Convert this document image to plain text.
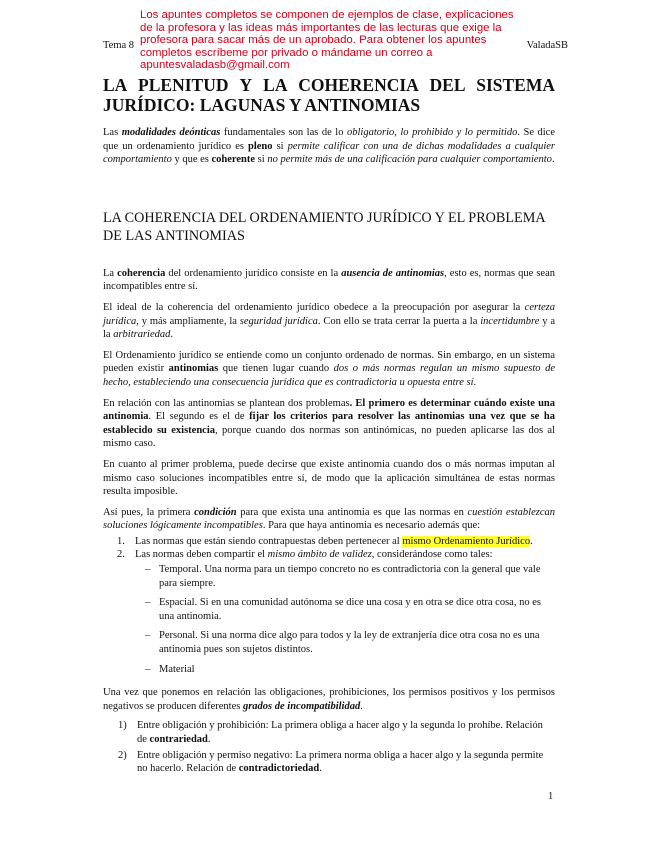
Los apuntes completos se componen de ejemplos de clase, explicaciones
de la profesora y las ideas más importantes de las lecturas que exige la
profesora para sacar más de un aprobado. Para obtener los apuntes
completos escríbeme por privado o mándame un correo a
apuntesvaladasb@gmail.com
Tema 8	ValadaSB
LA PLENITUD Y LA COHERENCIA DEL SISTEMA
JURÍDICO: LAGUNAS Y ANTINOMIAS

Las modalidades deónticas fundamentales son las de lo obligatorio, lo prohibido y lo permitido. Se dice que un ordenamiento jurídico es pleno si permite calificar con una de dichas modalidades a cualquier comportamiento y que es coherente si no permite más de una calificación para cualquier comportamiento.

LA COHERENCIA DEL ORDENAMIENTO JURÍDICO Y EL PROBLEMA DE LAS ANTINOMIAS

La coherencia del ordenamiento jurídico consiste en la ausencia de antinomias, esto es, normas que sean incompatibles entre sí.

El ideal de la coherencia del ordenamiento jurídico obedece a la preocupación por asegurar la certeza jurídica, y más ampliamente, la seguridad jurídica. Con ello se trata cerrar la puerta a la incertidumbre y a la arbitrariedad.

El Ordenamiento jurídico se entiende como un conjunto ordenado de normas. Sin embargo, en un sistema pueden existir antinomias que tienen lugar cuando dos o más normas regulan un mismo supuesto de hecho, estableciendo una consecuencia jurídica que es contradictoria u opuesta entre sí.

En relación con las antinomias se plantean dos problemas. El primero es determinar cuándo existe una antinomia. El segundo es el de fijar los criterios para resolver las antinomias una vez que se ha establecido su existencia, porque cuando dos normas son antinómicas, no pueden aplicarse las dos al mismo caso.

En cuanto al primer problema, puede decirse que existe antinomia cuando dos o más normas imputan al mismo caso soluciones incompatibles entre sí, de modo que la aplicación simultánea de estas normas resulta imposible.

Así pues, la primera condición para que exista una antinomia es que las normas en cuestión establezcan soluciones lógicamente incompatibles. Para que haya antinomia es necesario además que:

1. Las normas que están siendo contrapuestas deben pertenecer al mismo Ordenamiento Jurídico.
2. Las normas deben compartir el mismo ámbito de validez, considerándose como tales:
– Temporal. Una norma para un tiempo concreto no es contradictoria con la general que vale para siempre.
– Espacial. Si en una comunidad autónoma se dice una cosa y en otra se dice otra cosa, no es una antinomia.
– Personal. Si una norma dice algo para todos y la ley de extranjería dice otra cosa no es una antinomia pues son sujetos distintos.
– Material

Una vez que ponemos en relación las obligaciones, prohibiciones, los permisos positivos y los permisos negativos se producen diferentes grados de incompatibilidad.

1) Entre obligación y prohibición: La primera obliga a hacer algo y la segunda lo prohíbe. Relación de contrariedad.
2) Entre obligación y permiso negativo: La primera norma obliga a hacer algo y la segunda permite no hacerlo. Relación de contradictoriedad.
1
